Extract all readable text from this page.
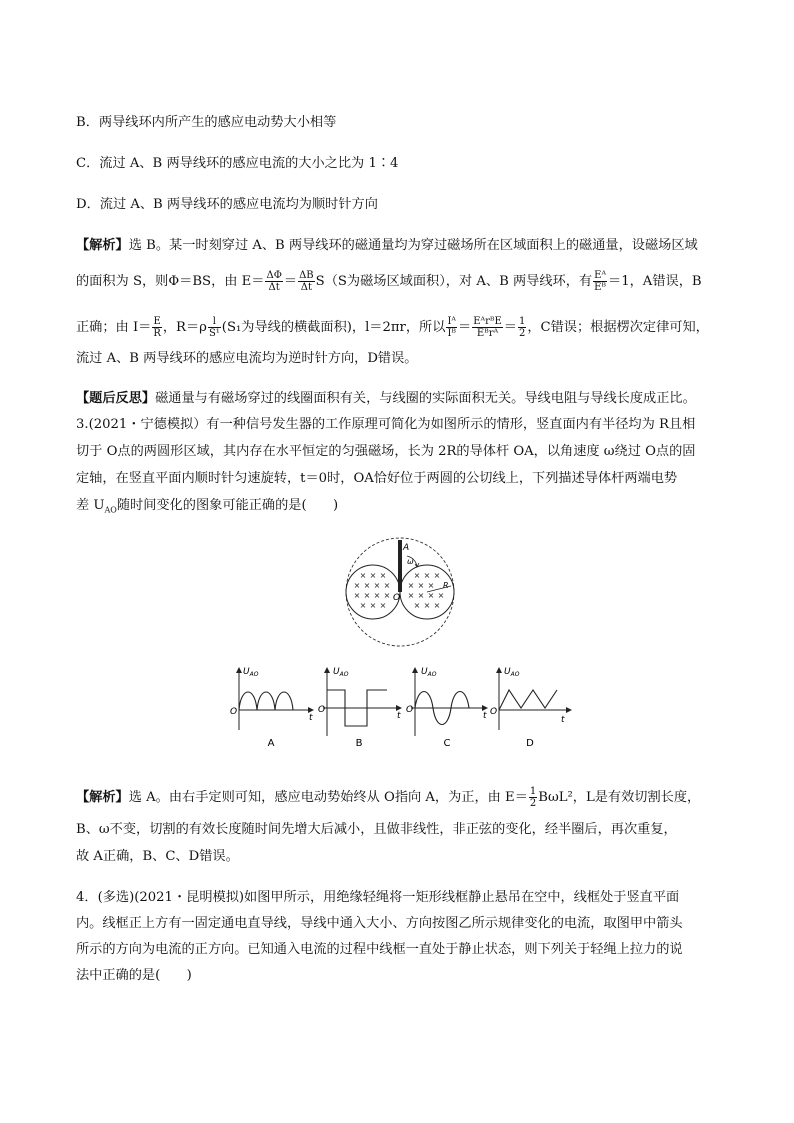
B．两导线环内所产生的感应电动势大小相等
C．流过 A、B 两导线环的感应电流的大小之比为 1∶4
D．流过 A、B 两导线环的感应电流均为顺时针方向
【解析】选 B。某一时刻穿过 A、B 两导线环的磁通量均为穿过磁场所在区域面积上的磁通量，设磁场区域
的面积为 S，则Φ＝BS，由 $E= \frac{\Delta\Phi}{\Delta t} = \frac{\Delta B}{\Delta t} S(S$为磁场区域面积），对 A、B 两导线环，有 $\frac{\text{Eᴬ}}{\text{Eᴮ}} =1$，A错误，B
正确；由 $I= \frac{E}{R}$ ，$R=\rho \frac{l}{\text{S¹}} (S_1$为导线的横截面积)，l＝2πr，所以 $\frac{\text{Iᴬ}}{\text{Iᴮ}} = \frac{\text{EᴬrᴮE}}{\text{Eᴮrᴬ}} = \frac{1}{2}$ ，C错误；根据楞次定律可知，
流过 A、B 两导线环的感应电流均为逆时针方向，D错误。
【题后反思】磁通量与有磁场穿过的线圈面积有关，与线圈的实际面积无关。导线电阻与导线长度成正比。
3.(2021・宁德模拟）有一种信号发生器的工作原理可简化为如图所示的情形，竖直面内有半径均为 R且相
切于 O点的两圆形区域，其内存在水平恒定的匀强磁场，长为 2R的导体杆 OA，以角速度 ω绕过 O点的固
定轴，在竖直平面内顺时针匀速旋转，t＝0时，OA恰好位于两圆的公切线上，下列描述导体杆两端电势
差 $U_{AO}$随时间变化的图象可能正确的是(　　)
× × ×
× × × ×
× × × ×
× × ×
× × ×
× × ×
× × × ×
× × ×
A
ω
O
R
$U_{AO}$
O
t
A
$U_{AO}$
O
t
B
$U_{AO}$
O
t
C
$U_{AO}$
O
t
D
【解析】选 A。由右手定则可知，感应电动势始终从 O指向 A，为正，由 $E= \frac{1}{2} B\omega L^2$，L是有效切割长度，
B、ω不变，切割的有效长度随时间先增大后减小，且做非线性，非正弦的变化，经半圈后，再次重复，
故 A正确，B、C、D错误。
4．(多选)(2021・昆明模拟)如图甲所示，用绝缘轻绳将一矩形线框静止悬吊在空中，线框处于竖直平面
内。线框正上方有一固定通电直导线，导线中通入大小、方向按图乙所示规律变化的电流，取图甲中箭头
所示的方向为电流的正方向。已知通入电流的过程中线框一直处于静止状态，则下列关于轻绳上拉力的说
法中正确的是(　　)
